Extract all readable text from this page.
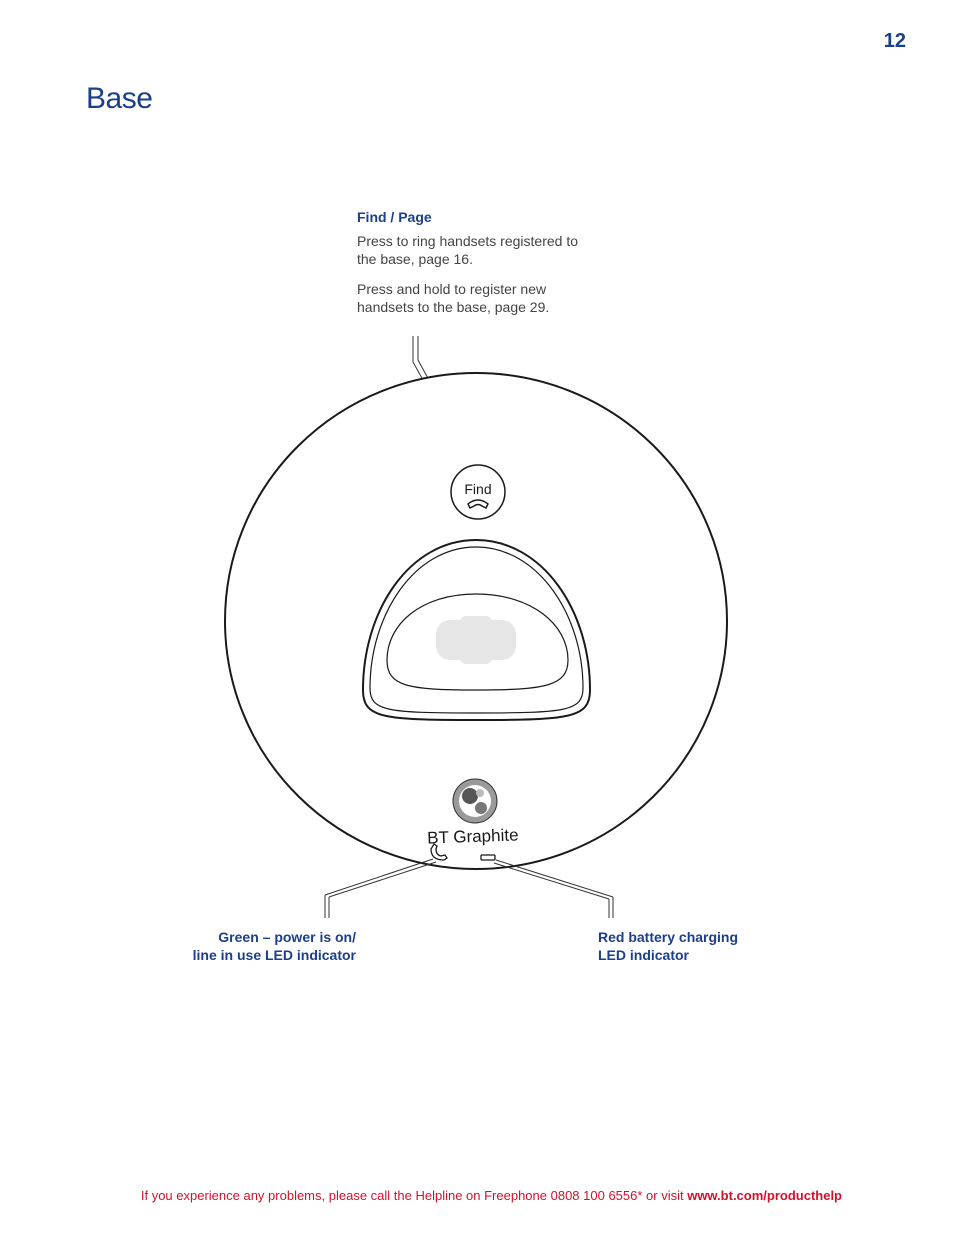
12
Base
Find / Page

Press to ring handsets registered to the base, page 16.

Press and hold to register new handsets to the base, page 29.

Find
BT Graphite
Green – power is on/
line in use LED indicator
Red battery charging
LED indicator
If you experience any problems, please call the Helpline on Freephone 0808 100 6556* or visit www.bt.com/producthelp
